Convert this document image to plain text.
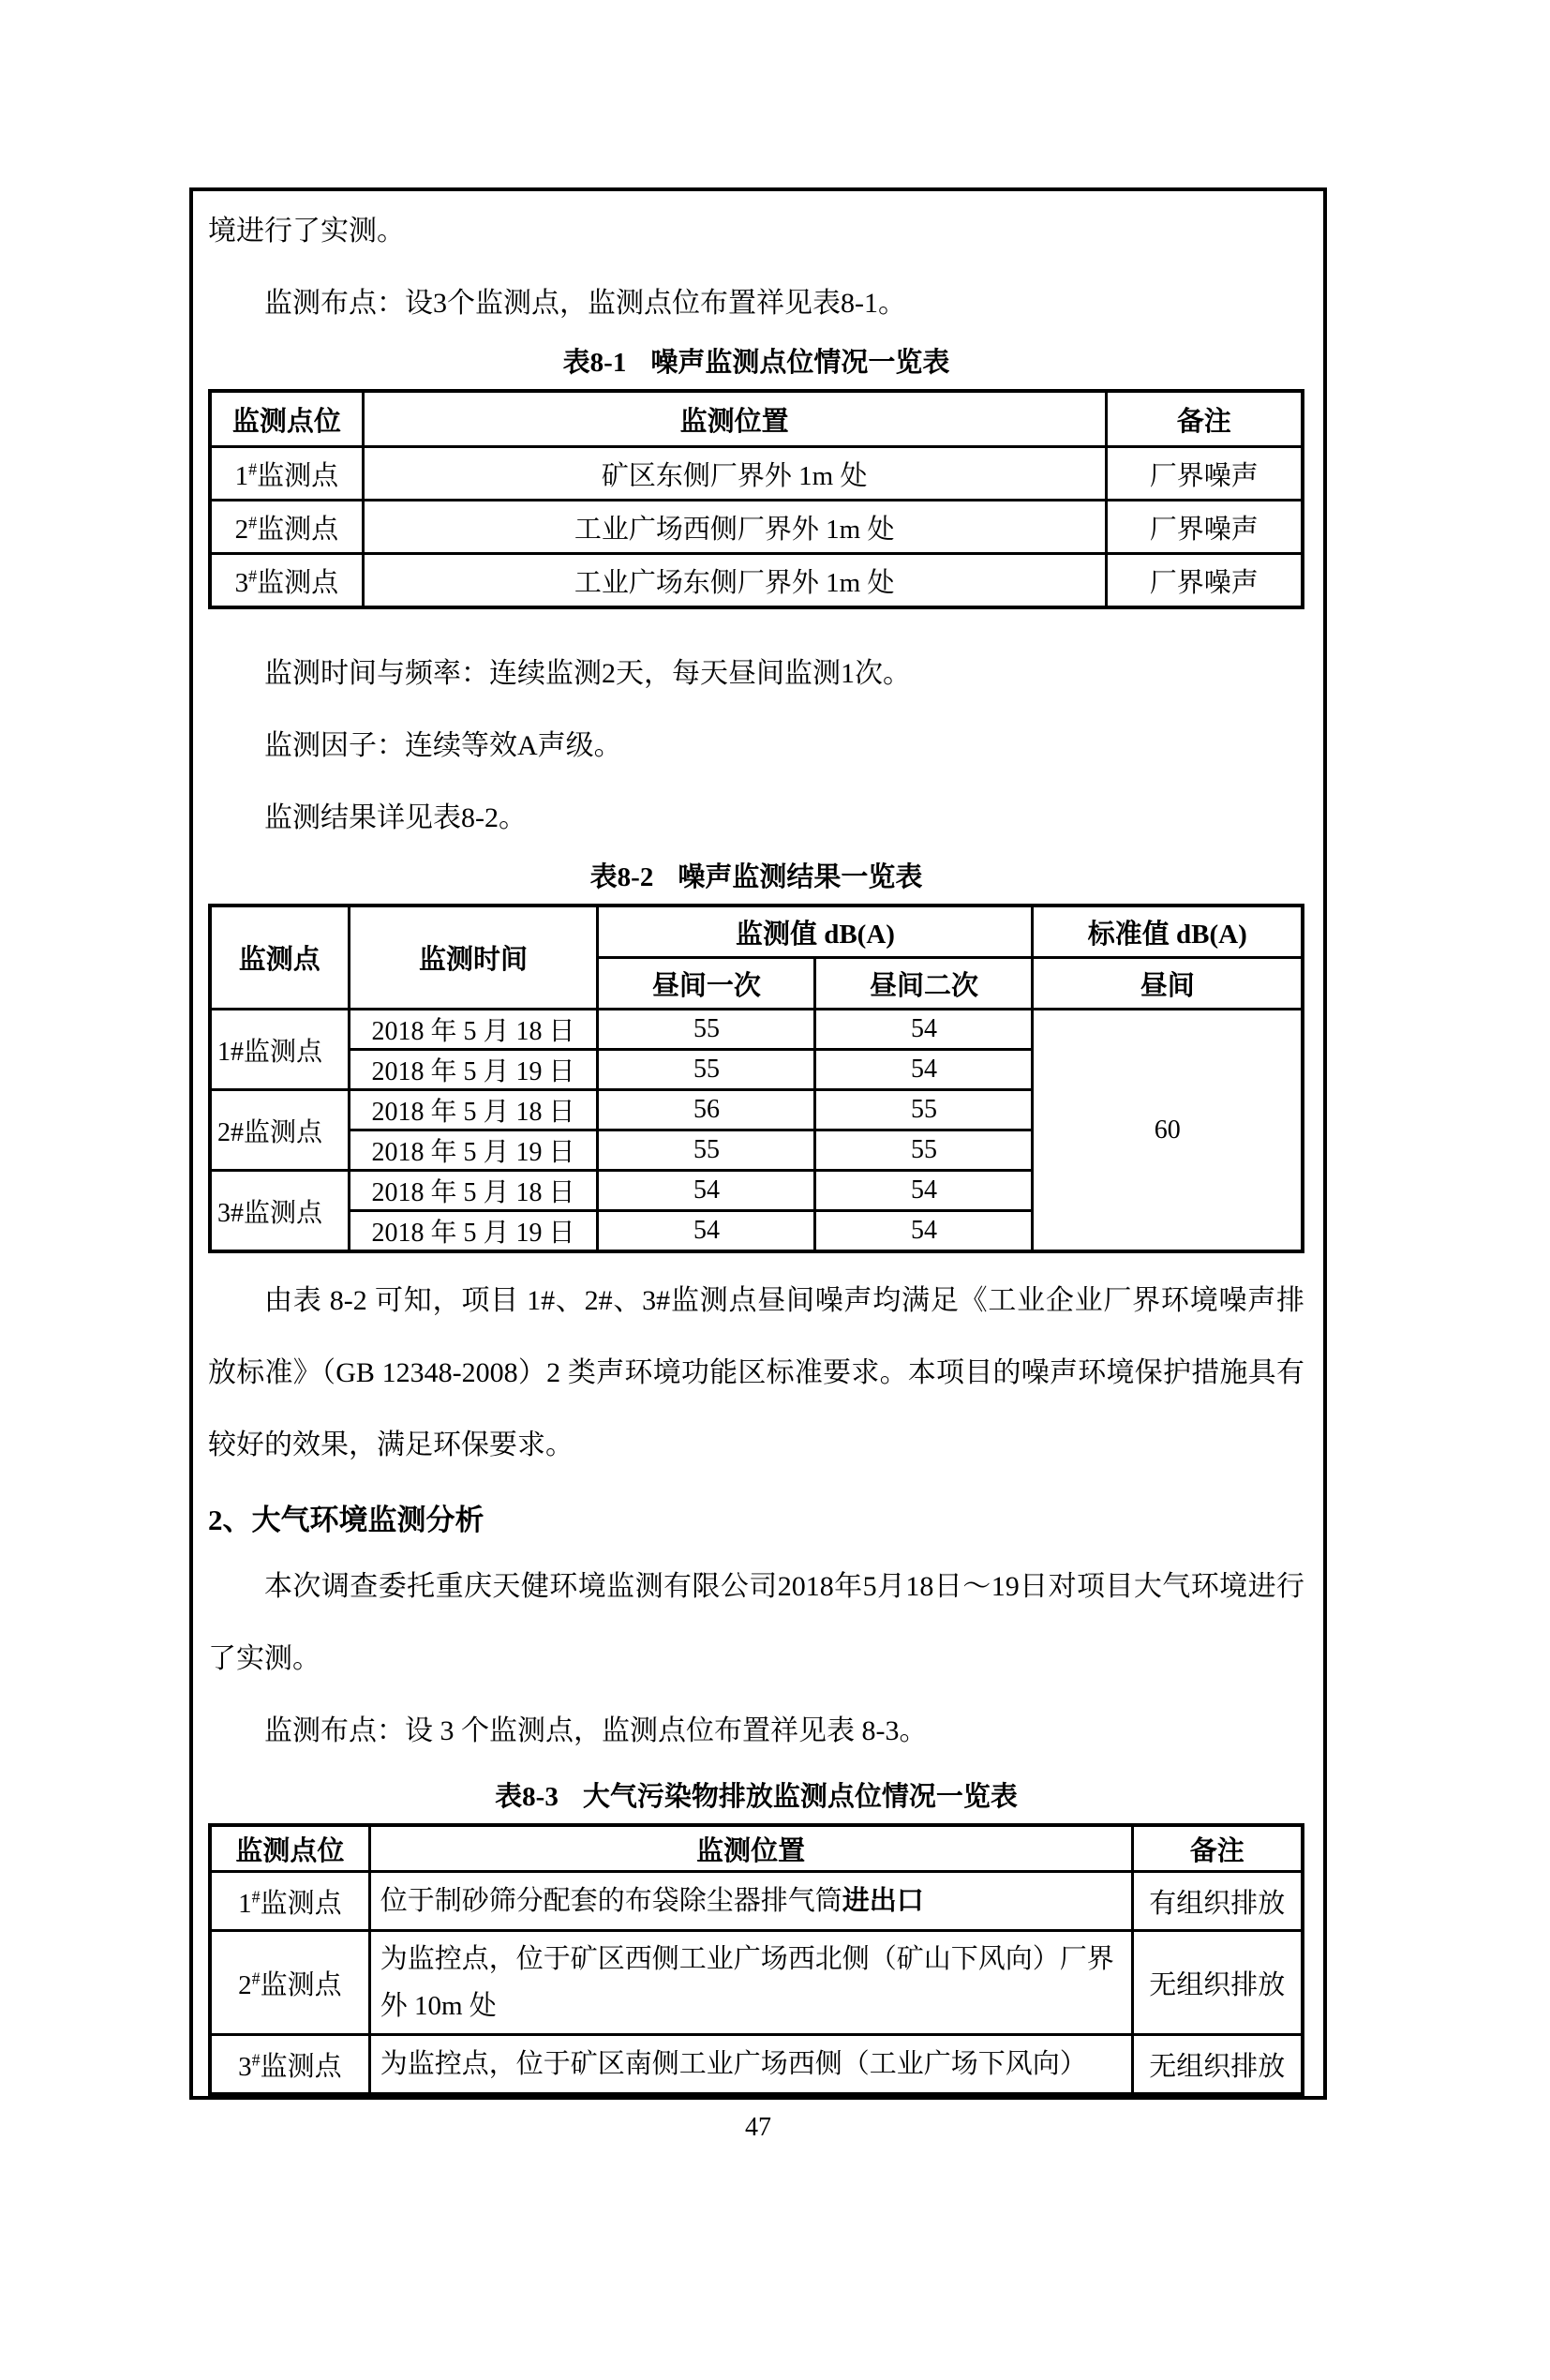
境进行了实测。

监测布点：设3个监测点，监测点位布置祥见表8-1。

表8-1 噪声监测点位情况一览表
监测点位	监测位置	备注
1#监测点	矿区东侧厂界外 1m 处	厂界噪声
2#监测点	工业广场西侧厂界外 1m 处	厂界噪声
3#监测点	工业广场东侧厂界外 1m 处	厂界噪声

监测时间与频率：连续监测2天，每天昼间监测1次。

监测因子：连续等效A声级。

监测结果详见表8-2。

表8-2 噪声监测结果一览表
监测点	监测时间	监测值 dB(A)		标准值 dB(A)
		昼间一次	昼间二次	昼间
1#监测点	2018 年 5 月 18 日	55	54	60
	2018 年 5 月 19 日	55	54	
2#监测点	2018 年 5 月 18 日	56	55	
	2018 年 5 月 19 日	55	55	
3#监测点	2018 年 5 月 18 日	54	54	
	2018 年 5 月 19 日	54	54	

由表 8-2 可知，项目 1#、2#、3#监测点昼间噪声均满足《工业企业厂界环境噪声排放标准》（GB 12348-2008）2 类声环境功能区标准要求。本项目的噪声环境保护措施具有较好的效果，满足环保要求。

2、大气环境监测分析

本次调查委托重庆天健环境监测有限公司2018年5月18日～19日对项目大气环境进行了实测。

监测布点：设 3 个监测点，监测点位布置祥见表 8-3。

表8-3 大气污染物排放监测点位情况一览表
监测点位	监测位置	备注
1#监测点	位于制砂筛分配套的布袋除尘器排气筒进出口	有组织排放
2#监测点	为监控点，位于矿区西侧工业广场西北侧（矿山下风向）厂界外 10m 处	无组织排放
3#监测点	为监控点，位于矿区南侧工业广场西侧（工业广场下风向）	无组织排放
47
